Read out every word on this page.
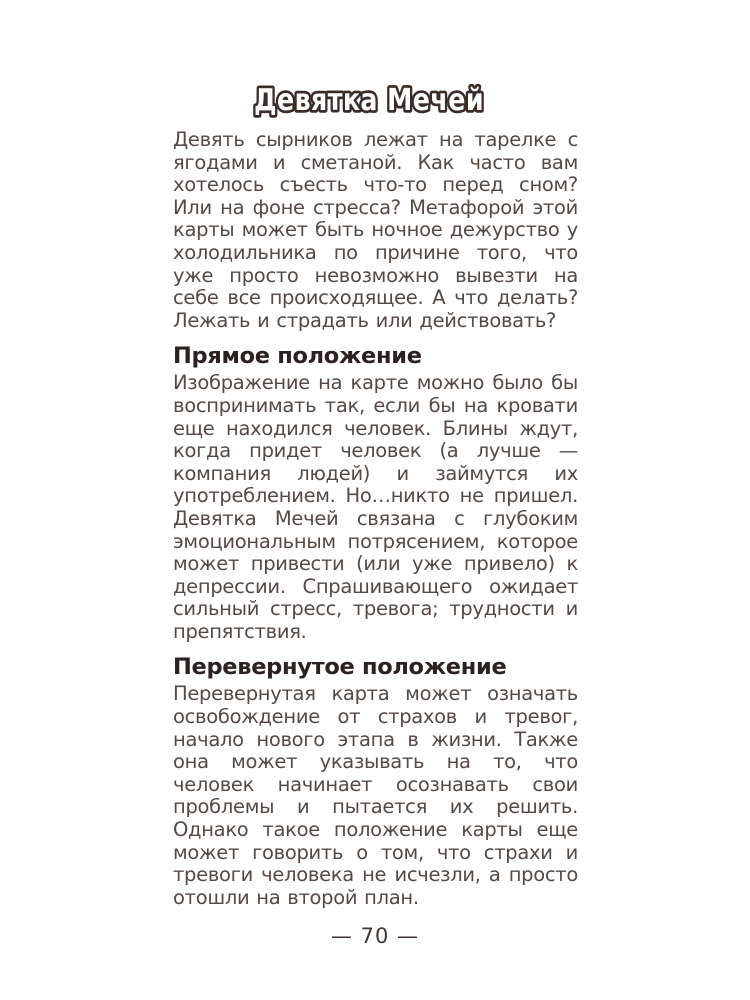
Девятка Мечей

Девять сырников лежат на тарелке с ягодами и сметаной. Как часто вам хотелось съесть что-то перед сном? Или на фоне стресса? Метафорой этой карты может быть ночное дежурство у холодильника по причине того, что уже просто невозможно вывезти на себе все происходящее. А что делать? Лежать и страдать или действовать?

Прямое положение

Изображение на карте можно было бы воспринимать так, если бы на кровати еще находился человек. Блины ждут, когда придет человек (а лучше — компания людей) и займутся их употреблением. Но…никто не пришел. Девятка Мечей связана с глубоким эмоциональным потрясением, которое может привести (или уже привело) к депрессии. Спрашивающего ожидает сильный стресс, тревога; трудности и препятствия.

Перевернутое положение

Перевернутая карта может означать освобождение от страхов и тревог, начало нового этапа в жизни. Также она может указывать на то, что человек начинает осознавать свои проблемы и пытается их решить. Однако такое положение карты еще может говорить о том, что страхи и тревоги человека не исчезли, а просто отошли на второй план.

— 70 —
